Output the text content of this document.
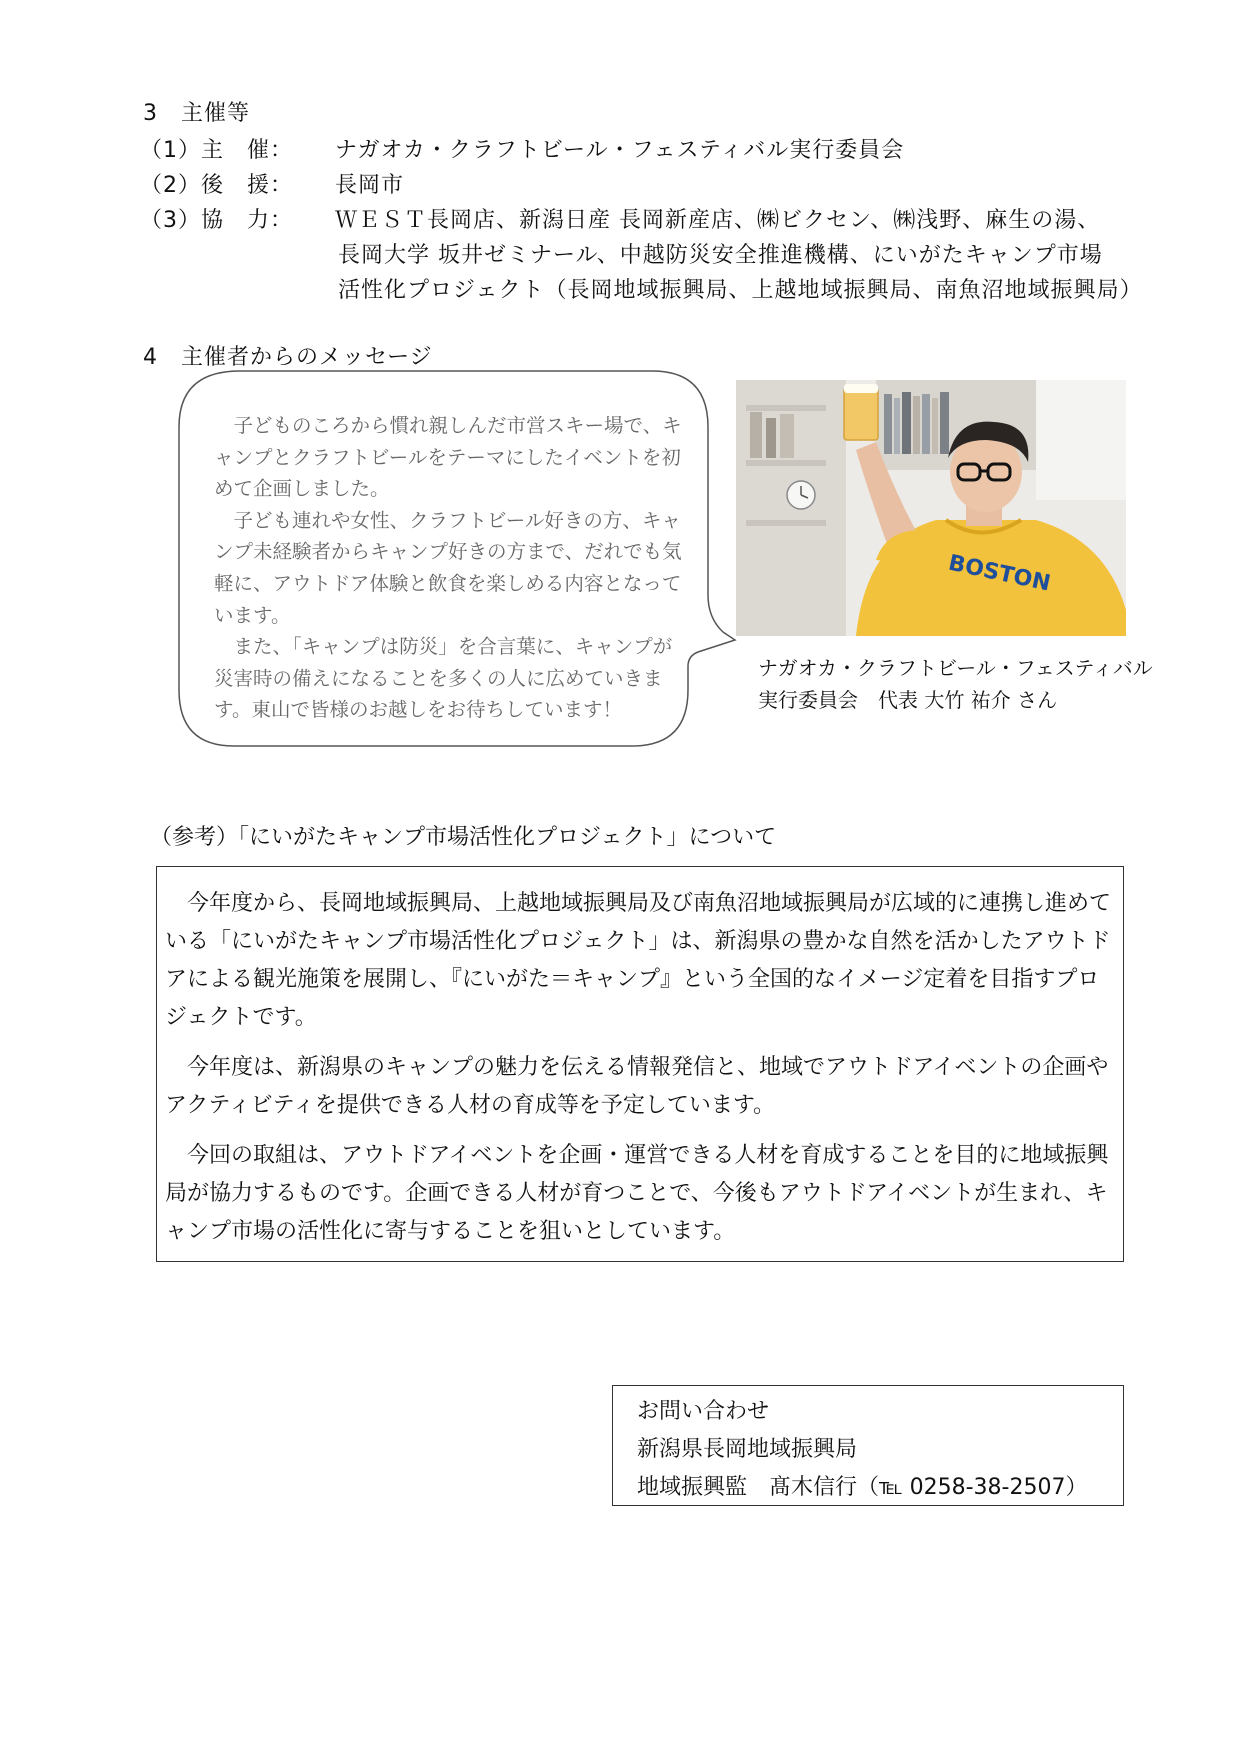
3　主催等
（1）主　催： ナガオカ・クラフトビール・フェスティバル実行委員会
（2）後　援： 長岡市
（3）協　力： ＷＥＳＴ長岡店、新潟日産 長岡新産店、㈱ビクセン、㈱浅野、麻生の湯、
長岡大学 坂井ゼミナール、中越防災安全推進機構、にいがたキャンプ市場
活性化プロジェクト（長岡地域振興局、上越地域振興局、南魚沼地域振興局）
4　主催者からのメッセージ

子どものころから慣れ親しんだ市営スキー場で、キャンプとクラフトビールをテーマにしたイベントを初めて企画しました。

子ども連れや女性、クラフトビール好きの方、キャンプ未経験者からキャンプ好きの方まで、だれでも気軽に、アウトドア体験と飲食を楽しめる内容となっています。

また、「キャンプは防災」を合言葉に、キャンプが災害時の備えになることを多くの人に広めていきます。東山で皆様のお越しをお待ちしています！

BOSTON
ナガオカ・クラフトビール・フェスティバル
実行委員会　代表 大竹 祐介 さん
（参考）「にいがたキャンプ市場活性化プロジェクト」について

今年度から、長岡地域振興局、上越地域振興局及び南魚沼地域振興局が広域的に連携し進めている「にいがたキャンプ市場活性化プロジェクト」は、新潟県の豊かな自然を活かしたアウトドアによる観光施策を展開し、『にいがた＝キャンプ』という全国的なイメージ定着を目指すプロジェクトです。

今年度は、新潟県のキャンプの魅力を伝える情報発信と、地域でアウトドアイベントの企画やアクティビティを提供できる人材の育成等を予定しています。

今回の取組は、アウトドアイベントを企画・運営できる人材を育成することを目的に地域振興局が協力するものです。企画できる人材が育つことで、今後もアウトドアイベントが生まれ、キャンプ市場の活性化に寄与することを狙いとしています。

お問い合わせ
新潟県長岡地域振興局
地域振興監　髙木信行（℡ 0258-38-2507）
